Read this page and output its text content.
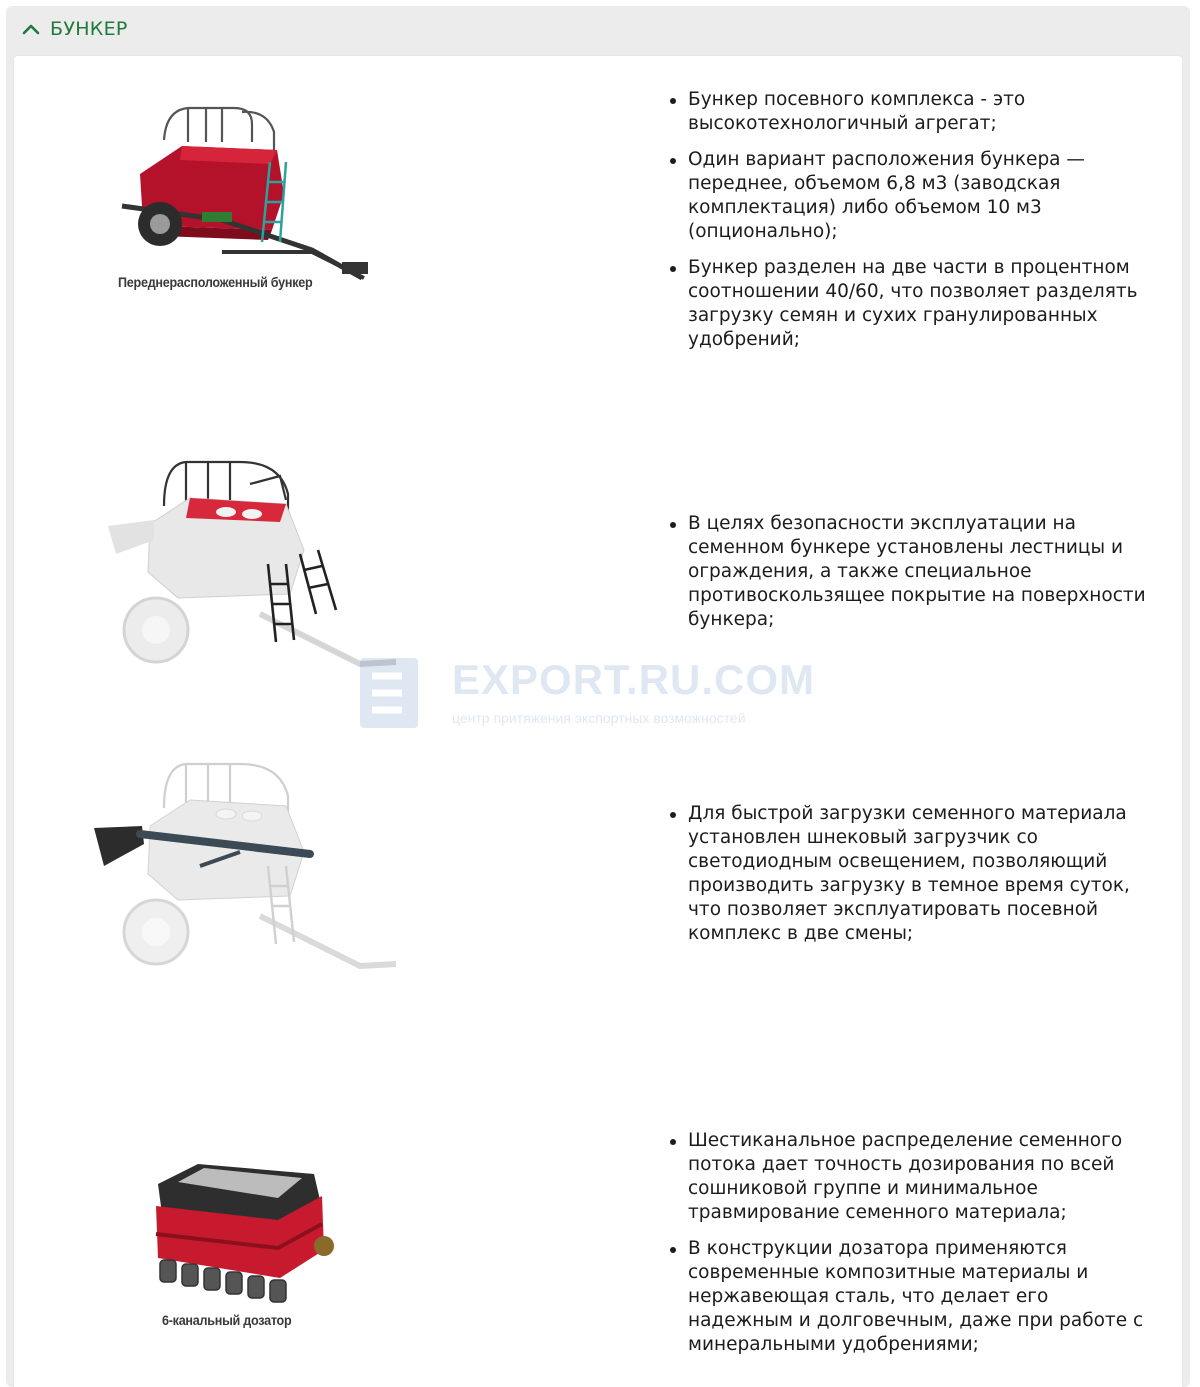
БУНКЕР
Переднерасположенный бункер
Бункер посевного комплекса - это высокотехнологичный агрегат;
Один вариант расположения бункера — переднее, объемом 6,8 м3 (заводская комплектация) либо объемом 10 м3 (опционально);
Бункер разделен на две части в процентном соотношении 40/60, что позволяет разделять загрузку семян и сухих гранулированных удобрений;
В целях безопасности эксплуатации на семенном бункере установлены лестницы и ограждения, а также специальное противоскользящее покрытие на поверхности бункера;
Для быстрой загрузки семенного материала установлен шнековый загрузчик со светодиодным освещением, позволяющий производить загрузку в темное время суток, что позволяет эксплуатировать посевной комплекс в две смены;
6-канальный дозатор
Шестиканальное распределение семенного потока дает точность дозирования по всей сошниковой группе и минимальное травмирование семенного материала;
В конструкции дозатора применяются современные композитные материалы и нержавеющая сталь, что делает его надежным и долговечным, даже при работе с минеральными удобрениями;
